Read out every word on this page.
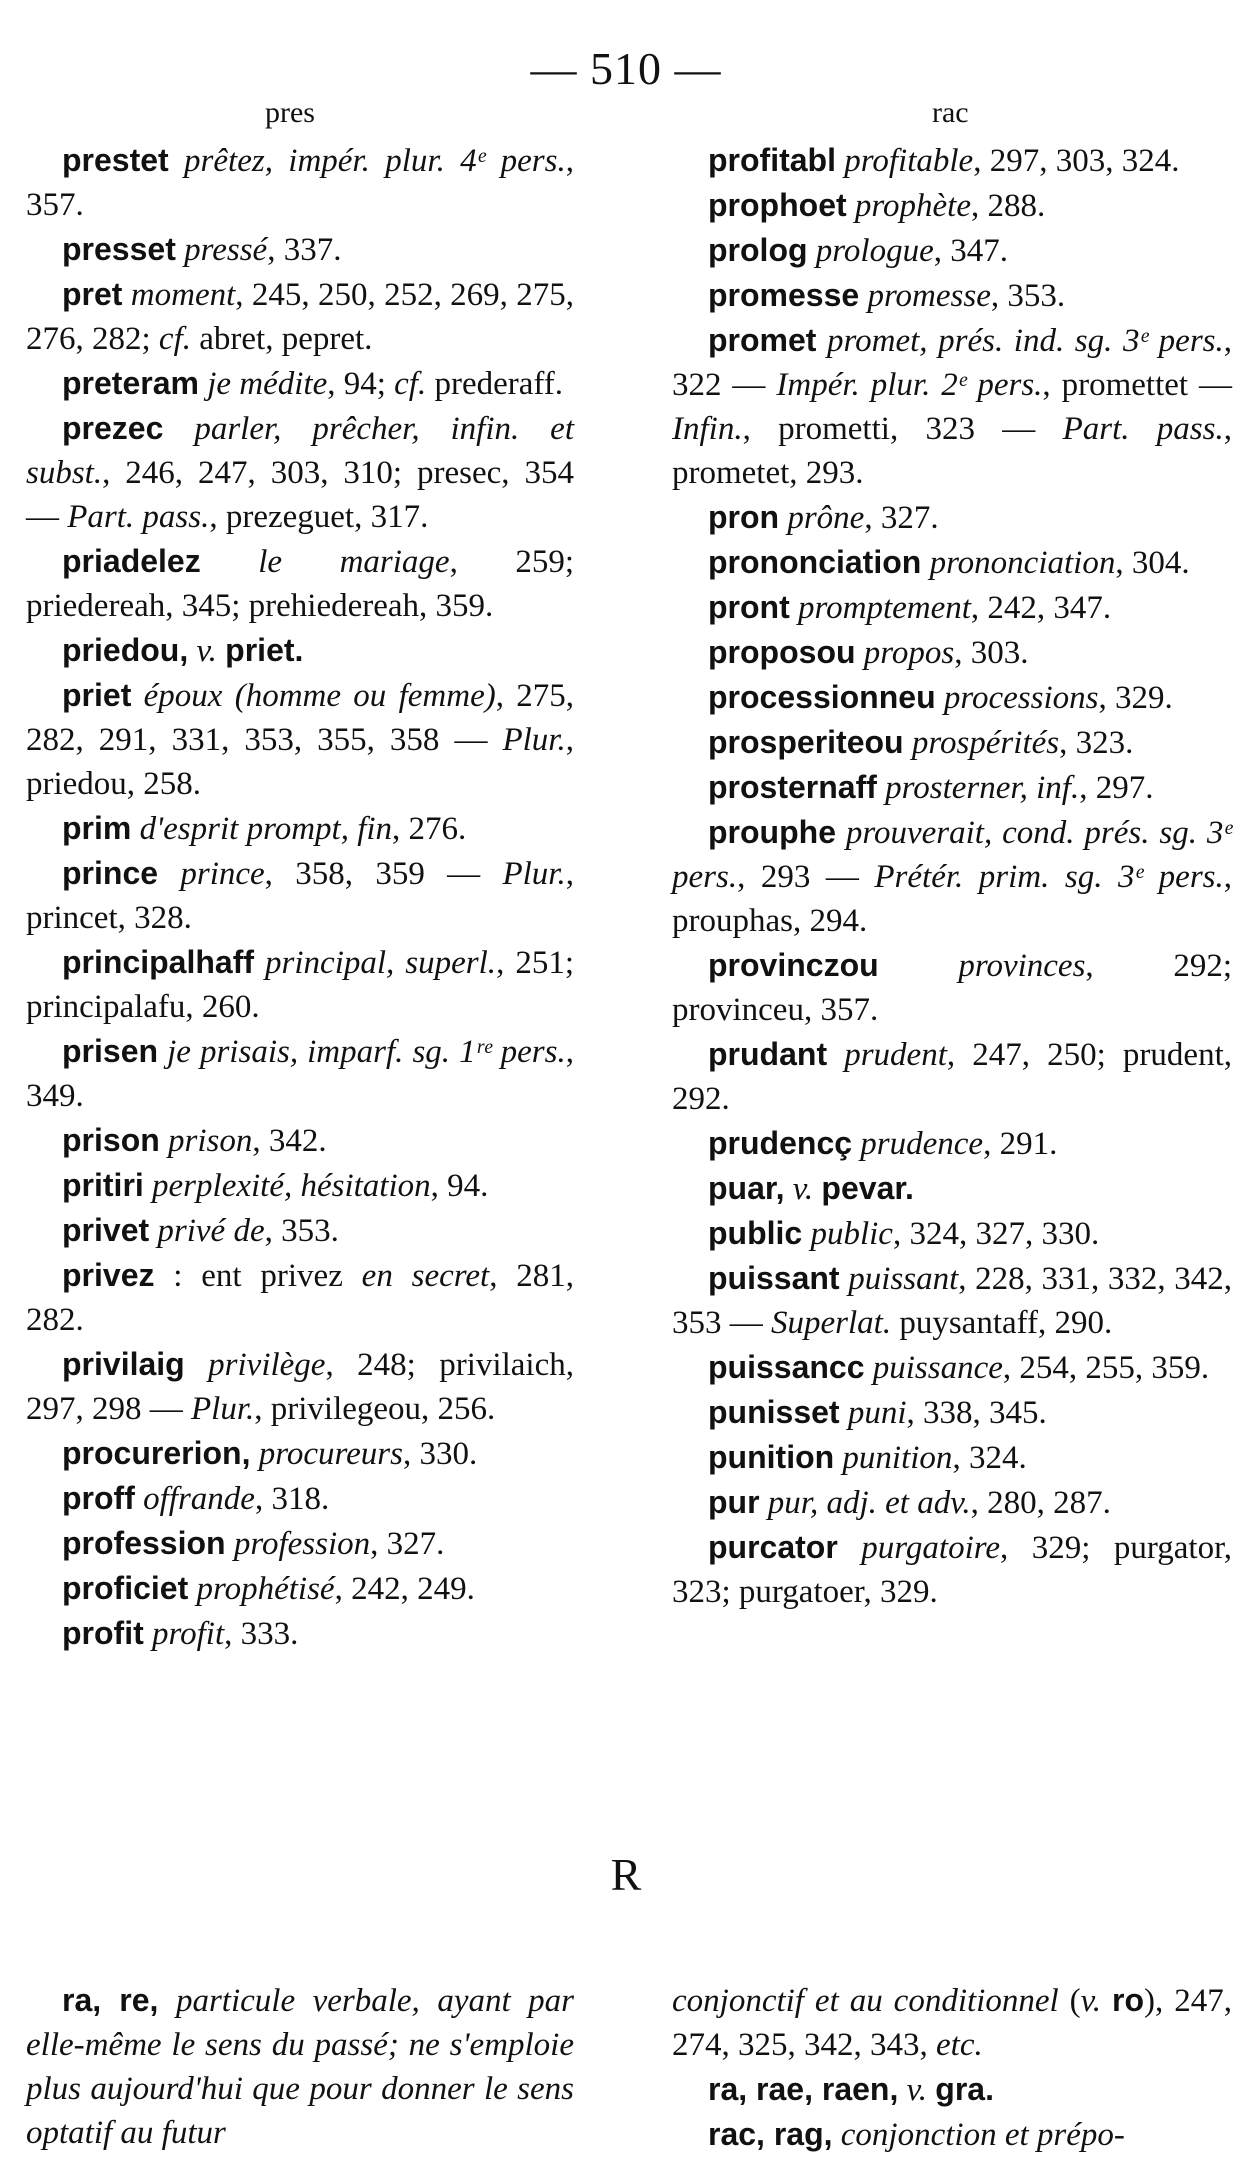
— 510 —
pres	rac

prestet prêtez, impér. plur. 4ᵉ pers., 357.

presset pressé, 337.

pret moment, 245, 250, 252, 269, 275, 276, 282; cf. abret, pepret.

preteram je médite, 94; cf. prederaff.

prezec parler, prêcher, infin. et subst., 246, 247, 303, 310; presec, 354 — Part. pass., prezeguet, 317.

priadelez le mariage, 259; priedereah, 345; prehiedereah, 359.

priedou, v. priet.

priet époux (homme ou femme), 275, 282, 291, 331, 353, 355, 358 — Plur., priedou, 258.

prim d'esprit prompt, fin, 276.

prince prince, 358, 359 — Plur., princet, 328.

principalhaff principal, superl., 251; principalafu, 260.

prisen je prisais, imparf. sg. 1ʳᵉ pers., 349.

prison prison, 342.

pritiri perplexité, hésitation, 94.

privet privé de, 353.

privez : ent privez en secret, 281, 282.

privilaig privilège, 248; privilaich, 297, 298 — Plur., privilegeou, 256.

procurerion, procureurs, 330.

proff offrande, 318.

profession profession, 327.

proficiet prophétisé, 242, 249.

profit profit, 333.

profitabl profitable, 297, 303, 324.

prophoet prophète, 288.

prolog prologue, 347.

promesse promesse, 353.

promet promet, prés. ind. sg. 3ᵉ pers., 322 — Impér. plur. 2ᵉ pers., promettet — Infin., prometti, 323 — Part. pass., prometet, 293.

pron prône, 327.

prononciation prononciation, 304.

pront promptement, 242, 347.

proposou propos, 303.

processionneu processions, 329.

prosperiteou prospérités, 323.

prosternaff prosterner, inf., 297.

prouphe prouverait, cond. prés. sg. 3ᵉ pers., 293 — Prétér. prim. sg. 3ᵉ pers., prouphas, 294.

provinczou provinces, 292; provinceu, 357.

prudant prudent, 247, 250; prudent, 292.

prudencç prudence, 291.

puar, v. pevar.

public public, 324, 327, 330.

puissant puissant, 228, 331, 332, 342, 353 — Superlat. puysantaff, 290.

puissancc puissance, 254, 255, 359.

punisset puni, 338, 345.

punition punition, 324.

pur pur, adj. et adv., 280, 287.

purcator purgatoire, 329; purgator, 323; purgatoer, 329.

R

ra, re, particule verbale, ayant par elle-même le sens du passé; ne s'emploie plus aujourd'hui que pour donner le sens optatif au futur

conjonctif et au conditionnel (v. ro), 247, 274, 325, 342, 343, etc.

ra, rae, raen, v. gra.

rac, rag, conjonction et prépo-
